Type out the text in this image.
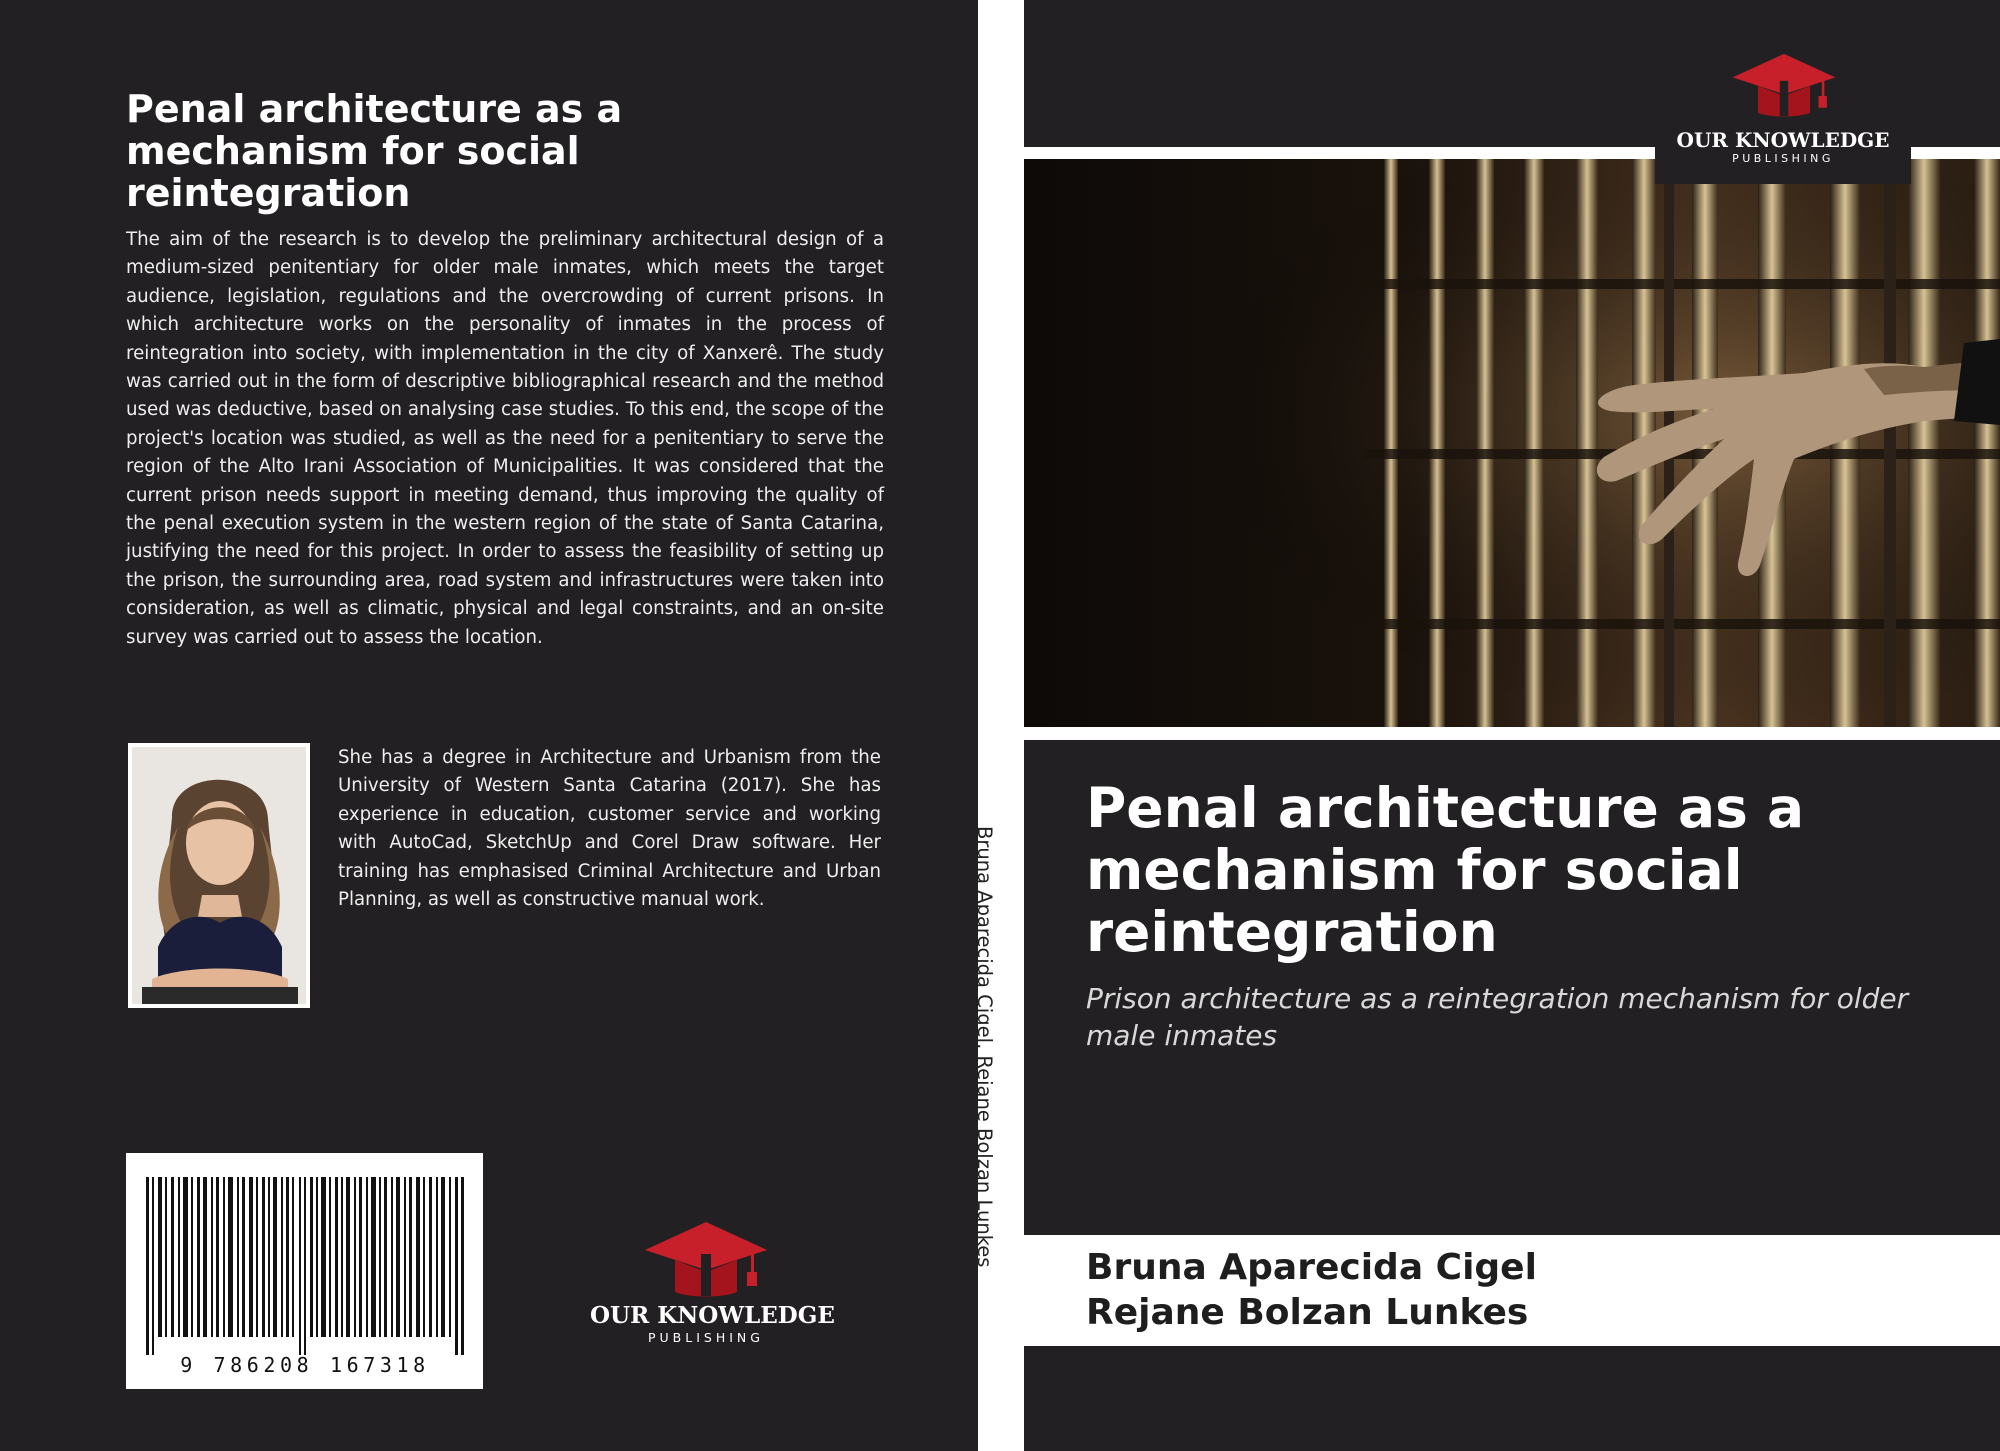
Penal architecture as a mechanism for social reintegration
The aim of the research is to develop the preliminary architectural design of a medium-sized penitentiary for older male inmates, which meets the target audience, legislation, regulations and the overcrowding of current prisons. In which architecture works on the personality of inmates in the process of reintegration into society, with implementation in the city of Xanxerê. The study was carried out in the form of descriptive bibliographical research and the method used was deductive, based on analysing case studies. To this end, the scope of the project's location was studied, as well as the need for a penitentiary to serve the region of the Alto Irani Association of Municipalities. It was considered that the current prison needs support in meeting demand, thus improving the quality of the penal execution system in the western region of the state of Santa Catarina, justifying the need for this project. In order to assess the feasibility of setting up the prison, the surrounding area, road system and infrastructures were taken into consideration, as well as climatic, physical and legal constraints, and an on-site survey was carried out to assess the location.
She has a degree in Architecture and Urbanism from the University of Western Santa Catarina (2017). She has experience in education, customer service and working with AutoCad, SketchUp and Corel Draw software. Her training has emphasised Criminal Architecture and Urban Planning, as well as constructive manual work.
9 786208 167318
OUR KNOWLEDGE
PUBLISHING
Bruna Aparecida Cigel, Rejane Bolzan Lunkes
OUR KNOWLEDGE
PUBLISHING
Penal architecture as a mechanism for social reintegration
Prison architecture as a reintegration mechanism for older male inmates
Bruna Aparecida Cigel
Rejane Bolzan Lunkes
